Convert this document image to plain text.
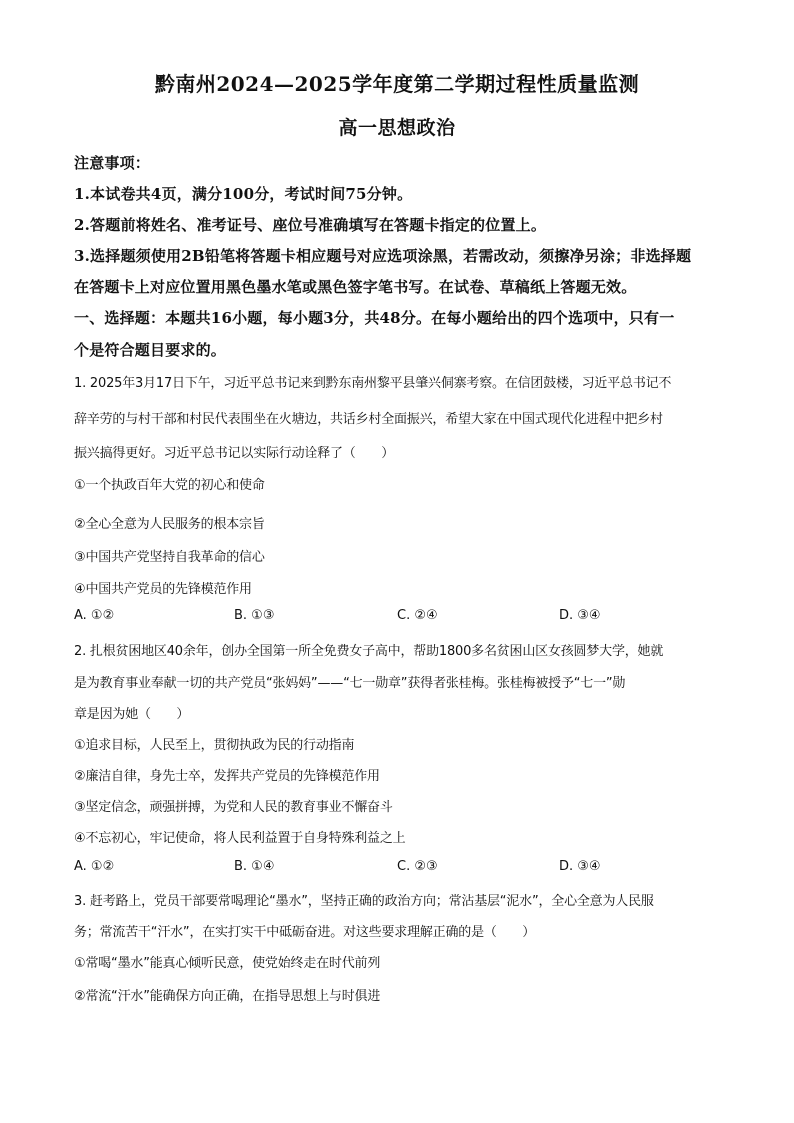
黔南州2024—2025学年度第二学期过程性质量监测
高一思想政治
注意事项：
1.本试卷共4页，满分100分，考试时间75分钟。
2.答题前将姓名、准考证号、座位号准确填写在答题卡指定的位置上。
3.选择题须使用2B铅笔将答题卡相应题号对应选项涂黑，若需改动，须擦净另涂；非选择题
在答题卡上对应位置用黑色墨水笔或黑色签字笔书写。在试卷、草稿纸上答题无效。
一、选择题：本题共16小题，每小题3分，共48分。在每小题给出的四个选项中，只有一
个是符合题目要求的。
1. 2025年3月17日下午，习近平总书记来到黔东南州黎平县肇兴侗寨考察。在信团鼓楼，习近平总书记不
辞辛劳的与村干部和村民代表围坐在火塘边，共话乡村全面振兴，希望大家在中国式现代化进程中把乡村
振兴搞得更好。习近平总书记以实际行动诠释了（　　）
①一个执政百年大党的初心和使命
②全心全意为人民服务的根本宗旨
③中国共产党坚持自我革命的信心
④中国共产党员的先锋模范作用
A. ①②	B. ①③	C. ②④	D. ③④
2. 扎根贫困地区40余年，创办全国第一所全免费女子高中，帮助1800多名贫困山区女孩圆梦大学，她就
是为教育事业奉献一切的共产党员“张妈妈”——“七一勋章”获得者张桂梅。张桂梅被授予“七一”勋
章是因为她（　　）
①追求目标，人民至上，贯彻执政为民的行动指南
②廉洁自律，身先士卒，发挥共产党员的先锋模范作用
③坚定信念，顽强拼搏，为党和人民的教育事业不懈奋斗
④不忘初心，牢记使命，将人民利益置于自身特殊利益之上
A. ①②	B. ①④	C. ②③	D. ③④
3. 赶考路上，党员干部要常喝理论“墨水”，坚持正确的政治方向；常沾基层“泥水”，全心全意为人民服
务；常流苦干“汗水”，在实打实干中砥砺奋进。对这些要求理解正确的是（　　）
①常喝“墨水”能真心倾听民意，使党始终走在时代前列
②常流“汗水”能确保方向正确，在指导思想上与时俱进
